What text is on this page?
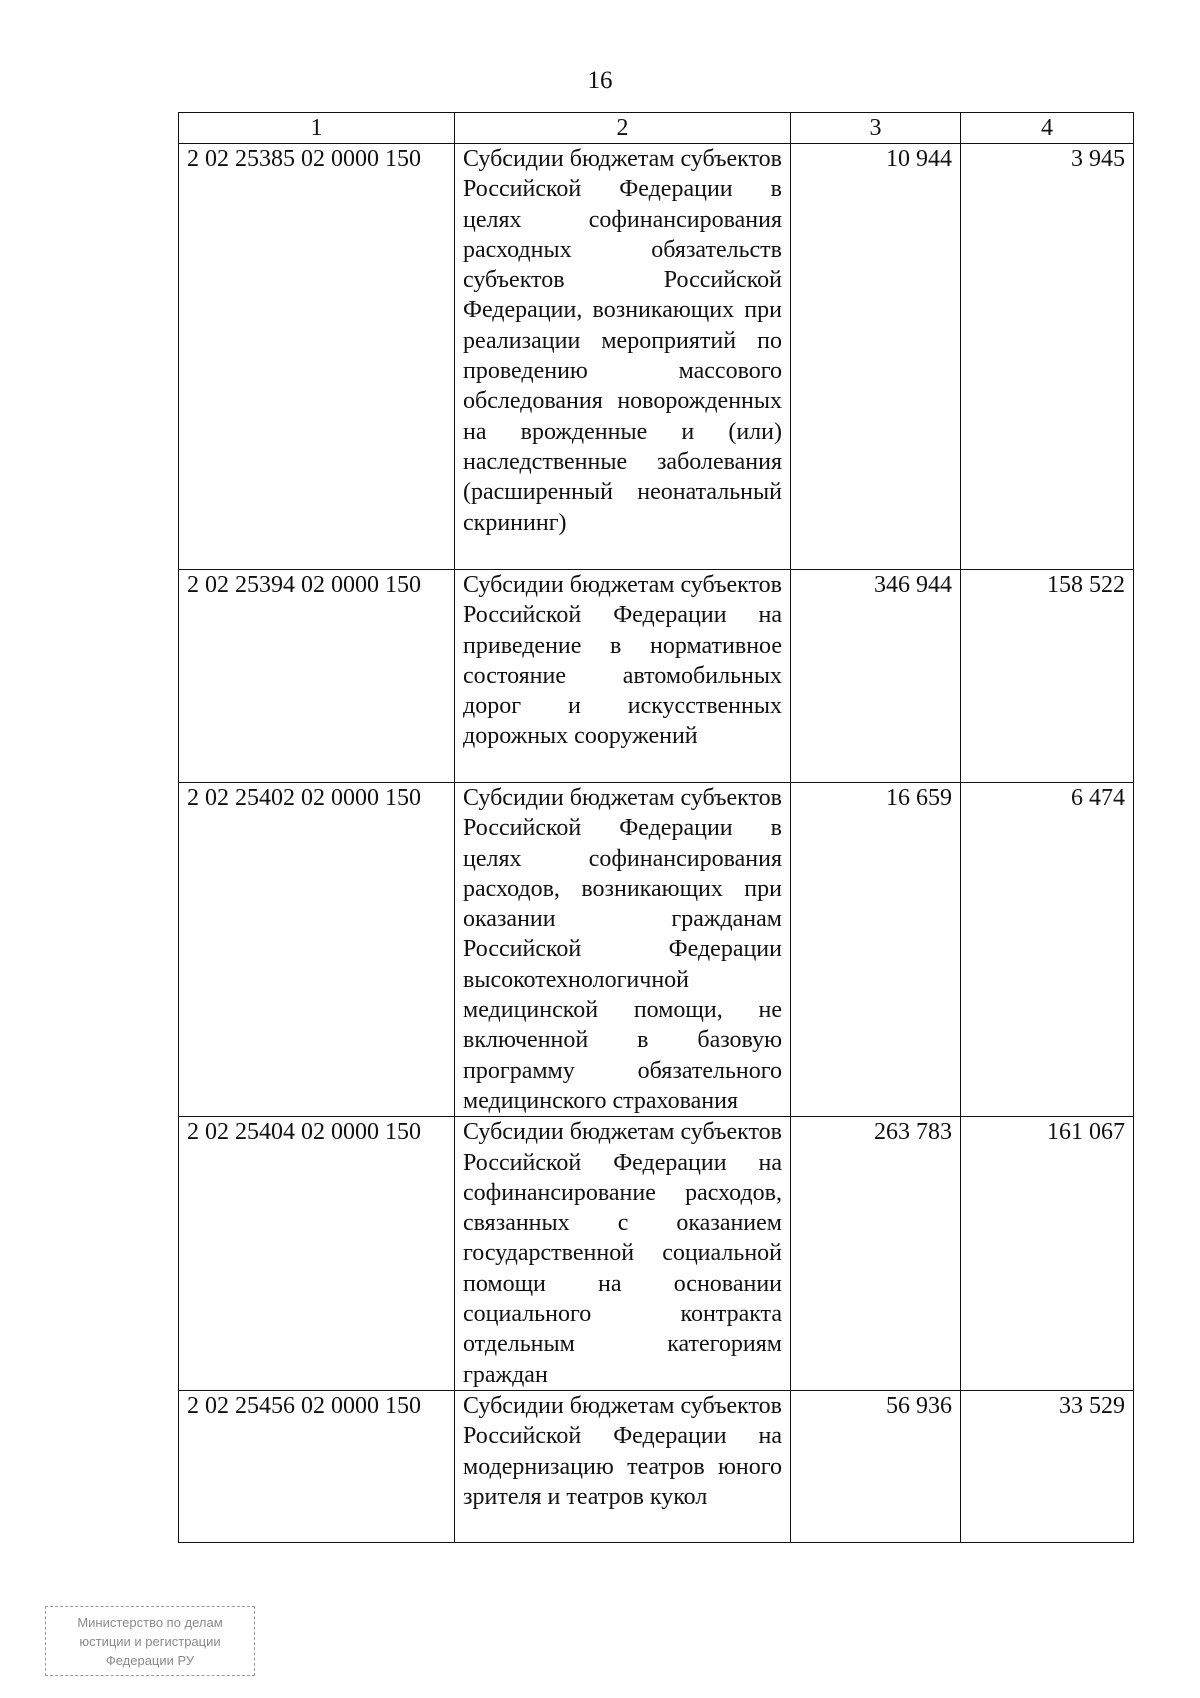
16
1	2	3	4
2 02 25385 02 0000 150	Субсидии бюджетам субъектов Российской Федерации в целях софинансирования расходных обязательств субъектов Российской Федерации, возникающих при реализации мероприятий по проведению массового обследования новорожденных на врожденные и (или) наследственные заболевания (расширенный неонатальный скрининг)	10 944	3 945
2 02 25394 02 0000 150	Субсидии бюджетам субъектов Российской Федерации на приведение в нормативное состояние автомобильных дорог и искусственных дорожных сооружений	346 944	158 522
2 02 25402 02 0000 150	Субсидии бюджетам субъектов Российской Федерации в целях софинансирования расходов, возникающих при оказании гражданам Российской Федерации высокотехнологичной медицинской помощи, не включенной в базовую программу обязательного медицинского страхования	16 659	6 474
2 02 25404 02 0000 150	Субсидии бюджетам субъектов Российской Федерации на софинансирование расходов, связанных с оказанием государственной социальной помощи на основании социального контракта отдельным категориям граждан	263 783	161 067
2 02 25456 02 0000 150	Субсидии бюджетам субъектов Российской Федерации на модернизацию театров юного зрителя и театров кукол	56 936	33 529
Министерство по делам
юстиции и регистрации
Федерации РУ
